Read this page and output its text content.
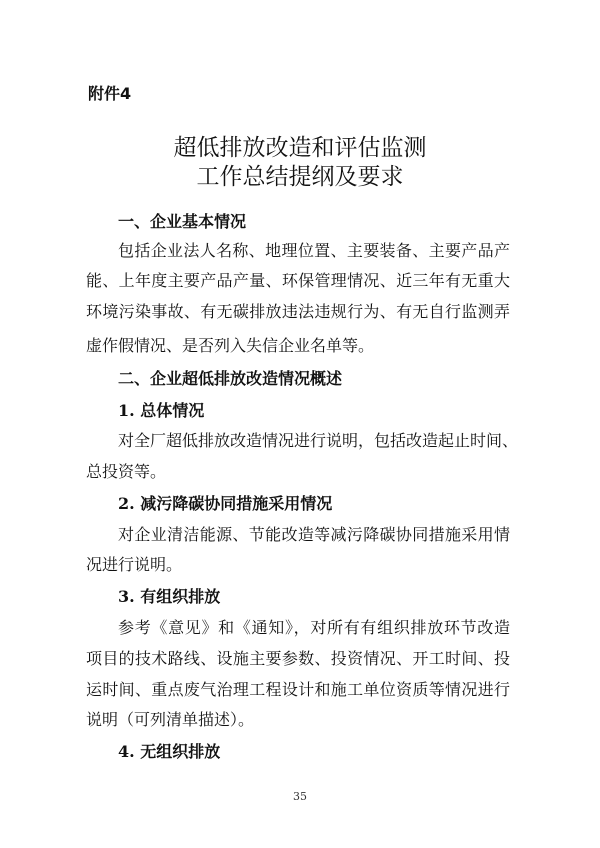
附件4
超低排放改造和评估监测
工作总结提纲及要求
一、企业基本情况
包括企业法人名称、地理位置、主要装备、主要产品产
能、上年度主要产品产量、环保管理情况、近三年有无重大
环境污染事故、有无碳排放违法违规行为、有无自行监测弄
虚作假情况、是否列入失信企业名单等。
二、企业超低排放改造情况概述
1. 总体情况
对全厂超低排放改造情况进行说明，包括改造起止时间、
总投资等。
2. 减污降碳协同措施采用情况
对企业清洁能源、节能改造等减污降碳协同措施采用情
况进行说明。
3. 有组织排放
参考《意见》和《通知》，对所有有组织排放环节改造
项目的技术路线、设施主要参数、投资情况、开工时间、投
运时间、重点废气治理工程设计和施工单位资质等情况进行
说明（可列清单描述）。
4. 无组织排放
35
